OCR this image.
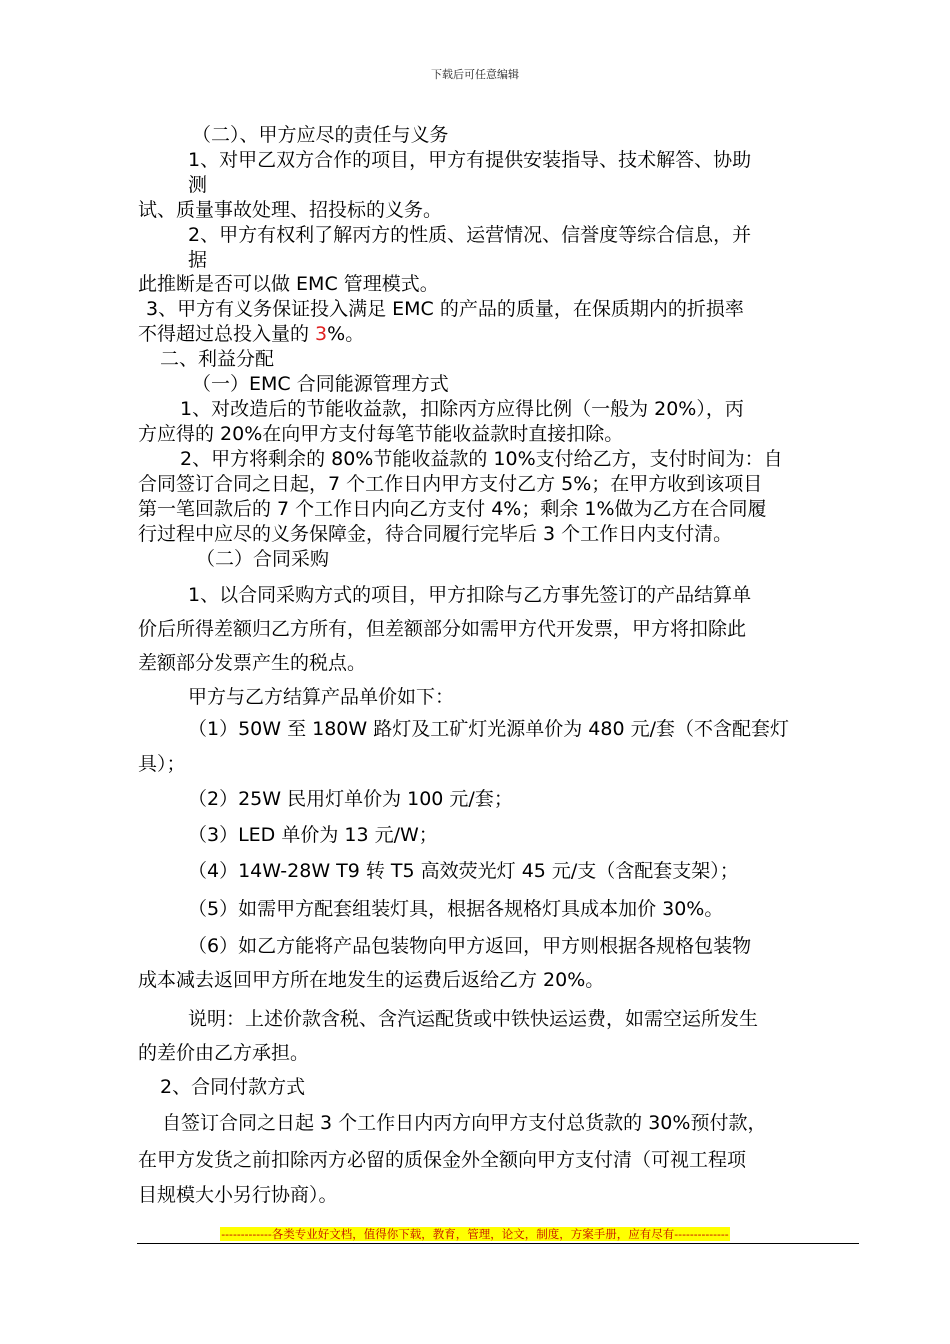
下载后可任意编辑
（二）、甲方应尽的责任与义务
1、对甲乙双方合作的项目，甲方有提供安装指导、技术解答、协助
测
试、质量事故处理、招投标的义务。
2、甲方有权利了解丙方的性质、运营情况、信誉度等综合信息，并
据
此推断是否可以做 EMC 管理模式。
3、甲方有义务保证投入满足 EMC 的产品的质量，在保质期内的折损率
不得超过总投入量的 3%。
二、利益分配
（一）EMC 合同能源管理方式
1、对改造后的节能收益款，扣除丙方应得比例（一般为 20%），丙
方应得的 20%在向甲方支付每笔节能收益款时直接扣除。
2、甲方将剩余的 80%节能收益款的 10%支付给乙方，支付时间为：自
合同签订合同之日起，7 个工作日内甲方支付乙方 5%；在甲方收到该项目
第一笔回款后的 7 个工作日内向乙方支付 4%；剩余 1%做为乙方在合同履
行过程中应尽的义务保障金，待合同履行完毕后 3 个工作日内支付清。
（二）合同采购
1、以合同采购方式的项目，甲方扣除与乙方事先签订的产品结算单
价后所得差额归乙方所有，但差额部分如需甲方代开发票，甲方将扣除此
差额部分发票产生的税点。
甲方与乙方结算产品单价如下：
（1）50W 至 180W 路灯及工矿灯光源单价为 480 元/套（不含配套灯
具）；
（2）25W 民用灯单价为 100 元/套；
（3）LED 单价为 13 元/W；
（4）14W-28W T9 转 T5 高效荧光灯 45 元/支（含配套支架）；
（5）如需甲方配套组装灯具，根据各规格灯具成本加价 30%。
（6）如乙方能将产品包装物向甲方返回，甲方则根据各规格包装物
成本减去返回甲方所在地发生的运费后返给乙方 20%。
说明：上述价款含税、含汽运配货或中铁快运运费，如需空运所发生
的差价由乙方承担。
2、合同付款方式
自签订合同之日起 3 个工作日内丙方向甲方支付总货款的 30%预付款，
在甲方发货之前扣除丙方必留的质保金外全额向甲方支付清（可视工程项
目规模大小另行协商）。
-------------各类专业好文档，值得你下载，教育，管理，论文，制度，方案手册，应有尽有--------------
